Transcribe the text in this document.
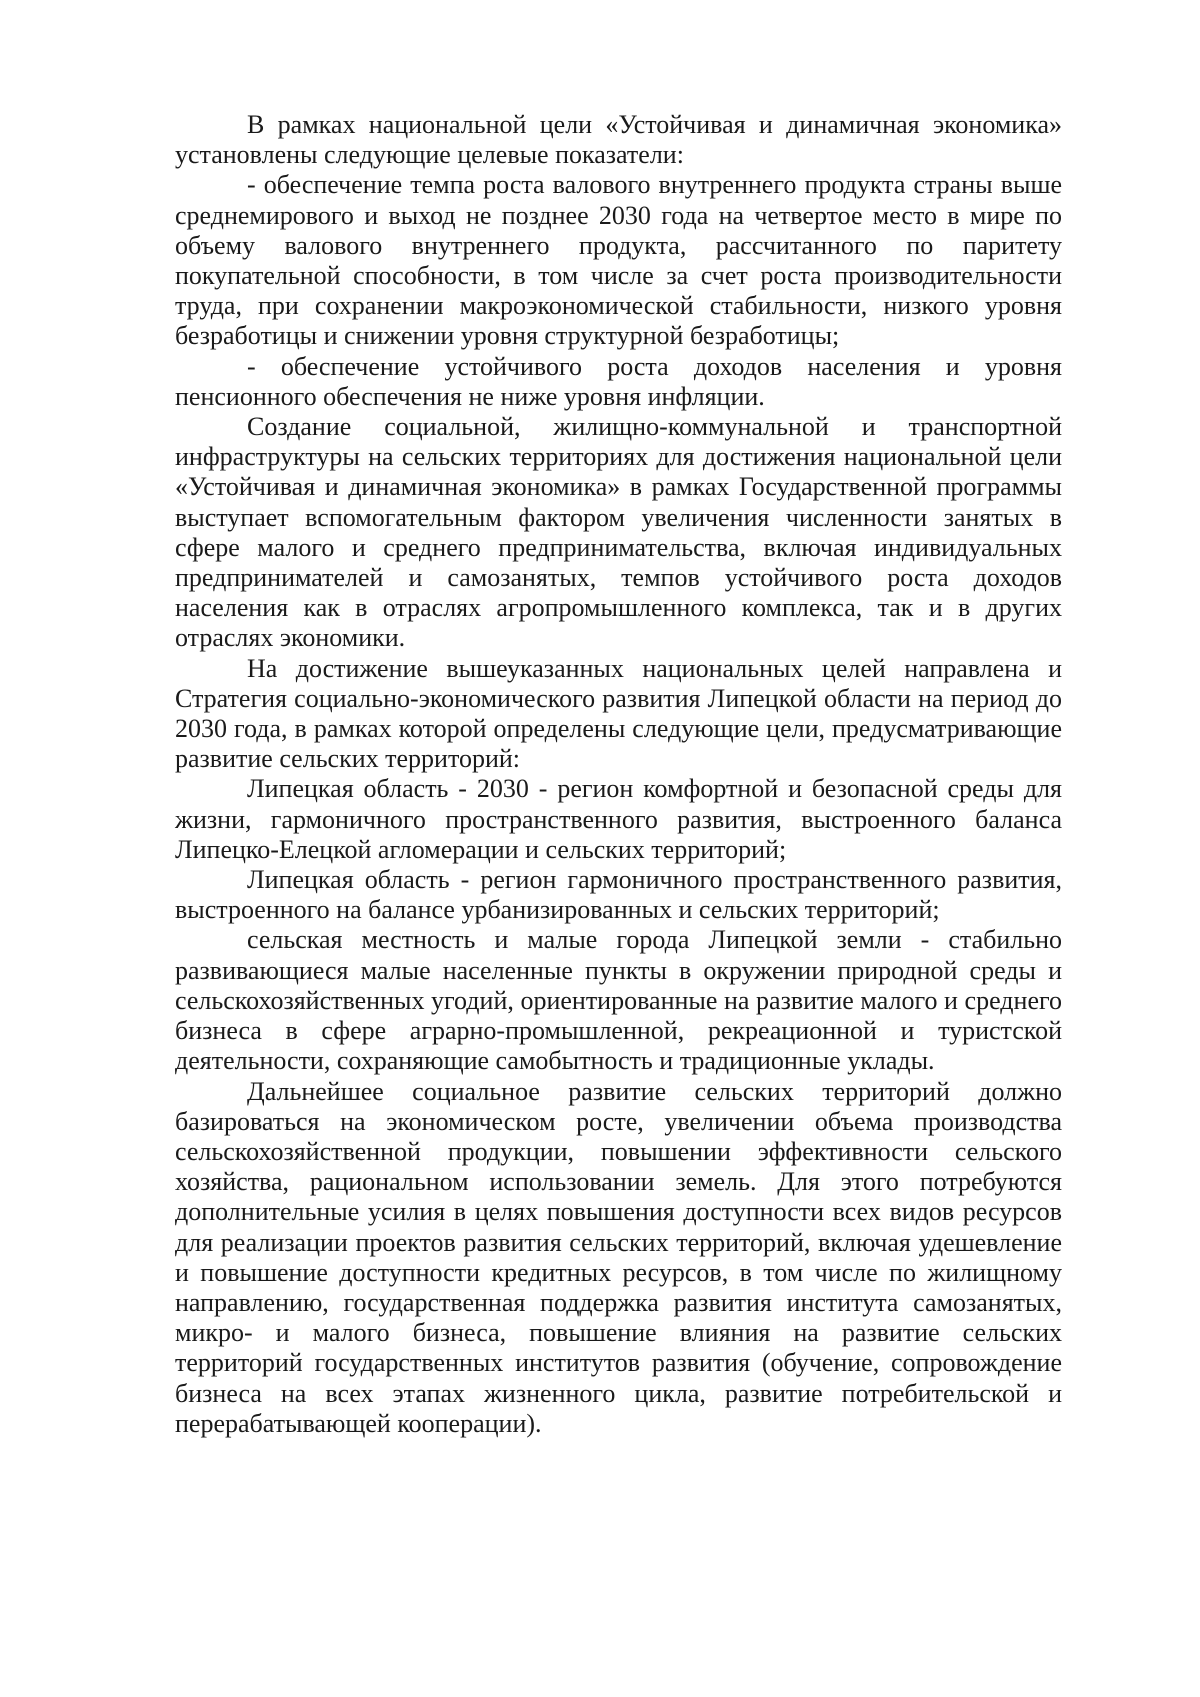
В рамках национальной цели «Устойчивая и динамичная экономика» установлены следующие целевые показатели:

- обеспечение темпа роста валового внутреннего продукта страны выше среднемирового и выход не позднее 2030 года на четвертое место в мире по объему валового внутреннего продукта, рассчитанного по паритету покупательной способности, в том числе за счет роста производительности труда, при сохранении макроэкономической стабильности, низкого уровня безработицы и снижении уровня структурной безработицы;

- обеспечение устойчивого роста доходов населения и уровня пенсионного обеспечения не ниже уровня инфляции.

Создание социальной, жилищно-коммунальной и транспортной инфраструктуры на сельских территориях для достижения национальной цели «Устойчивая и динамичная экономика» в рамках Государственной программы выступает вспомогательным фактором увеличения численности занятых в сфере малого и среднего предпринимательства, включая индивидуальных предпринимателей и самозанятых, темпов устойчивого роста доходов населения как в отраслях агропромышленного комплекса, так и в других отраслях экономики.

На достижение вышеуказанных национальных целей направлена и Стратегия социально-экономического развития Липецкой области на период до 2030 года, в рамках которой определены следующие цели, предусматривающие развитие сельских территорий:

Липецкая область - 2030 - регион комфортной и безопасной среды для жизни, гармоничного пространственного развития, выстроенного баланса Липецко-Елецкой агломерации и сельских территорий;

Липецкая область - регион гармоничного пространственного развития, выстроенного на балансе урбанизированных и сельских территорий;

сельская местность и малые города Липецкой земли - стабильно развивающиеся малые населенные пункты в окружении природной среды и сельскохозяйственных угодий, ориентированные на развитие малого и среднего бизнеса в сфере аграрно-промышленной, рекреационной и туристской деятельности, сохраняющие самобытность и традиционные уклады.

Дальнейшее социальное развитие сельских территорий должно базироваться на экономическом росте, увеличении объема производства сельскохозяйственной продукции, повышении эффективности сельского хозяйства, рациональном использовании земель. Для этого потребуются дополнительные усилия в целях повышения доступности всех видов ресурсов для реализации проектов развития сельских территорий, включая удешевление и повышение доступности кредитных ресурсов, в том числе по жилищному направлению, государственная поддержка развития института самозанятых, микро- и малого бизнеса, повышение влияния на развитие сельских территорий государственных институтов развития (обучение, сопровождение бизнеса на всех этапах жизненного цикла, развитие потребительской и перерабатывающей кооперации).
